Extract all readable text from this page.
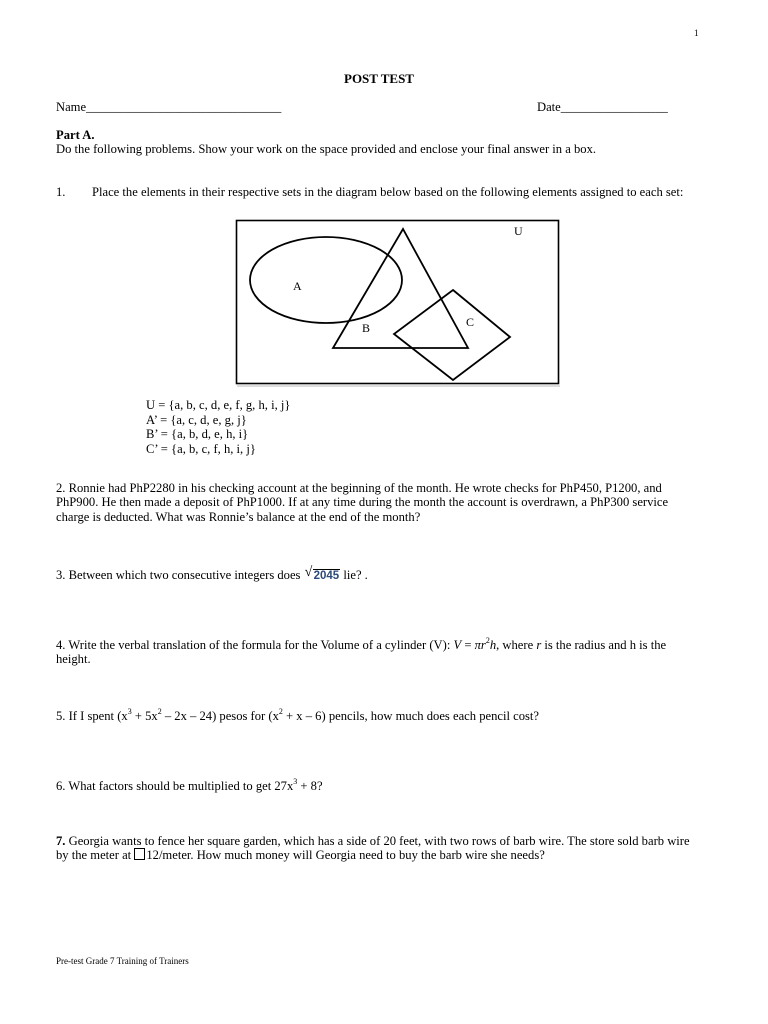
1
POST TEST
Name_______________________________	Date_________________
Part A.
Do the following problems. Show your work on the space provided and enclose your final answer in a box.
1. Place the elements in their respective sets in the diagram below based on the following elements assigned to each set:
U
A
B	C
U = {a, b, c, d, e, f, g, h, i, j}
A’ = {a, c, d, e, g, j}
B’ = {a, b, d, e, h, i}
C’ = {a, b, c, f, h, i, j}
2. Ronnie had PhP2280 in his checking account at the beginning of the month. He wrote checks for PhP450, P1200, and PhP900. He then made a deposit of PhP1000. If at any time during the month the account is overdrawn, a PhP300 service charge is deducted. What was Ronnie’s balance at the end of the month?
3. Between which two consecutive integers does √ 2045 lie? .
4. Write the verbal translation of the formula for the Volume of a cylinder (V): $V = \pi r^2h$, where r is the radius and h is the height.
5. If I spent $(x^3 + 5x^2 - 2x - 24)$ pesos for $(x^2 + x - 6)$ pencils, how much does each pencil cost?
6. What factors should be multiplied to get $27x^3 + 8$?
7. Georgia wants to fence her square garden, which has a side of 20 feet, with two rows of barb wire. The store sold barb wire by the meter at 12/meter. How much money will Georgia need to buy the barb wire she needs?
Pre-test Grade 7 Training of Trainers
